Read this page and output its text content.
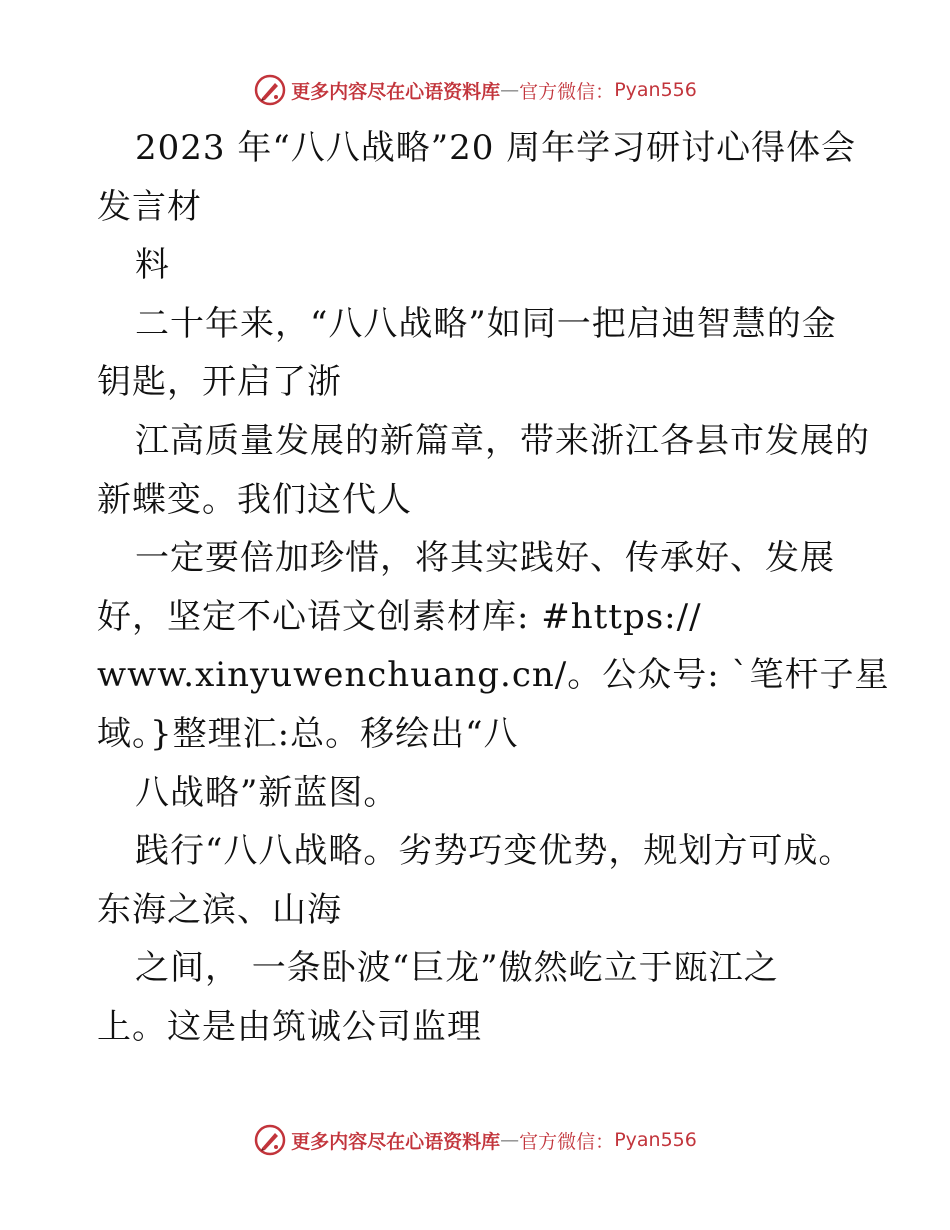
更多内容尽在心语资料库 — 官方微信： Pyan556
2023 年“八八战略”20 周年学习研讨心得体会
发言材
料
二十年来，“八八战略”如同一把启迪智慧的金
钥匙，开启了浙
江高质量发展的新篇章，带来浙江各县市发展的
新蝶变。我们这代人
一定要倍加珍惜，将其实践好、传承好、发展
好，坚定不心语文创素材库: #https://
www.xinyuwenchuang.cn/。公众号: `笔杆子星
域。}整理汇:总。移绘出“八
八战略”新蓝图。
践行“八八战略。劣势巧变优势，规划方可成。
东海之滨、山海
之间， 一条卧波“巨龙”傲然屹立于瓯江之
上。这是由筑诚公司监理
更多内容尽在心语资料库 — 官方微信： Pyan556
